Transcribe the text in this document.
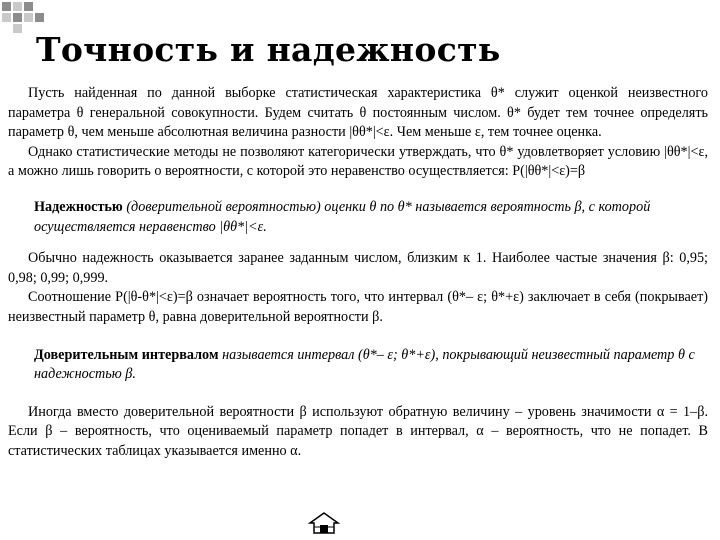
Точность и надежность

Пусть найденная по данной выборке статистическая характеристика θ* служит оценкой неизвестного параметра θ генеральной совокупности. Будем считать θ постоянным числом. θ* будет тем точнее определять параметр θ, чем меньше абсолютная величина разности |θθ*|<ε. Чем меньше ε, тем точнее оценка.

Однако статистические методы не позволяют категорически утверждать, что θ* удовлетворяет условию |θθ*|<ε, а можно лишь говорить о вероятности, с которой это неравенство осуществляется: P(|θθ*|<ε)=β

Надежностью (доверительной вероятностью) оценки θ по θ* называется вероятность β, с которой осуществляется неравенство |θθ*|<ε.

Обычно надежность оказывается заранее заданным числом, близким к 1. Наиболее частые значения β: 0,95; 0,98; 0,99; 0,999.

Соотношение P(|θ-θ*|<ε)=β означает вероятность того, что интервал (θ*– ε; θ*+ε) заключает в себя (покрывает) неизвестный параметр θ, равна доверительной вероятности β.

Доверительным интервалом называется интервал (θ*– ε; θ*+ε), покрывающий неизвестный параметр θ с надежностью β.

Иногда вместо доверительной вероятности β используют обратную величину – уровень значимости α = 1–β. Если β – вероятность, что оцениваемый параметр попадет в интервал, α – вероятность, что не попадет. В статистических таблицах указывается именно α.
